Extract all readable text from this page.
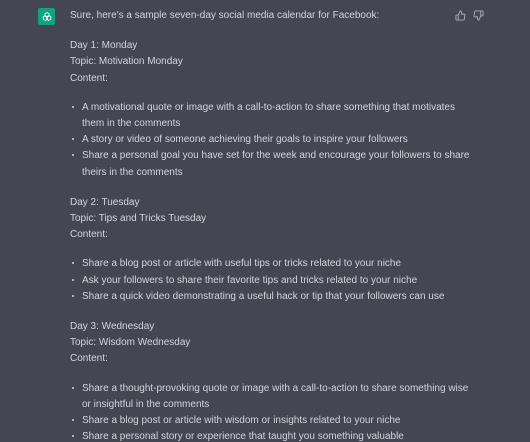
Sure, here's a sample seven-day social media calendar for Facebook:
Day 1: Monday
Topic: Motivation Monday
Content:
A motivational quote or image with a call-to-action to share something that motivates them in the comments
A story or video of someone achieving their goals to inspire your followers
Share a personal goal you have set for the week and encourage your followers to share theirs in the comments
Day 2: Tuesday
Topic: Tips and Tricks Tuesday
Content:
Share a blog post or article with useful tips or tricks related to your niche
Ask your followers to share their favorite tips and tricks related to your niche
Share a quick video demonstrating a useful hack or tip that your followers can use
Day 3: Wednesday
Topic: Wisdom Wednesday
Content:
Share a thought-provoking quote or image with a call-to-action to share something wise or insightful in the comments
Share a blog post or article with wisdom or insights related to your niche
Share a personal story or experience that taught you something valuable
